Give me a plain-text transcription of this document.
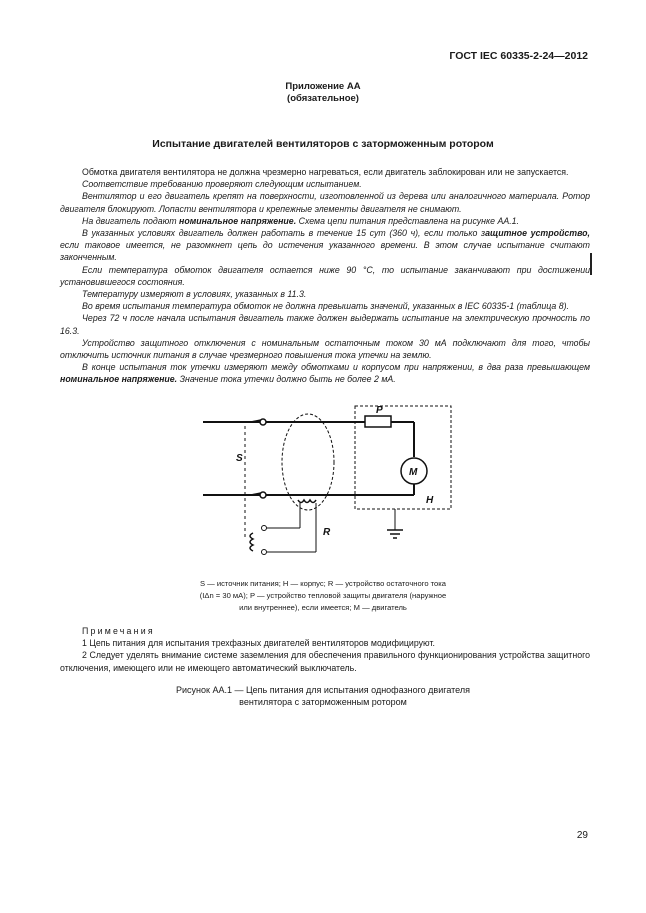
ГОСТ IEC 60335-2-24—2012
Приложение АА
(обязательное)
Испытание двигателей вентиляторов с заторможенным ротором

Обмотка двигателя вентилятора не должна чрезмерно нагреваться, если двигатель заблокирован или не запускается.

Соответствие требованию проверяют следующим испытанием.

Вентилятор и его двигатель крепят на поверхности, изготовленной из дерева или аналогичного материала. Ротор двигателя блокируют. Лопасти вентилятора и крепежные элементы двигателя не снимают.

На двигатель подают номинальное напряжение. Схема цепи питания представлена на рисунке АА.1.

В указанных условиях двигатель должен работать в течение 15 сут (360 ч), если только защитное устройство, если таковое имеется, не разомкнет цепь до истечения указанного времени. В этом случае испытание считают законченным.

Если температура обмоток двигателя остается ниже 90 °С, то испытание заканчивают при достижении установившегося состояния.

Температуру измеряют в условиях, указанных в 11.3.

Во время испытания температура обмоток не должна превышать значений, указанных в IEC 60335-1 (таблица 8).

Через 72 ч после начала испытания двигатель также должен выдержать испытание на электрическую прочность по 16.3.

Устройство защитного отключения с номинальным остаточным током 30 мА подключают для того, чтобы отключить источник питания в случае чрезмерного повышения тока утечки на землю.

В конце испытания ток утечки измеряют между обмотками и корпусом при напряжении, в два раза превышающем номинальное напряжение. Значение тока утечки должно быть не более 2 мА.

S
R
H
P
M
S — источник питания; H — корпус; R — устройство остаточного тока
(IΔn = 30 мА); P — устройство тепловой защиты двигателя (наружное
или внутреннее), если имеется; M — двигатель
Примечания

1 Цепь питания для испытания трехфазных двигателей вентиляторов модифицируют.

2 Следует уделять внимание системе заземления для обеспечения правильного функционирования устройства защитного отключения, имеющего или не имеющего автоматический выключатель.

Рисунок АА.1 — Цепь питания для испытания однофазного двигателя
вентилятора с заторможенным ротором
29
